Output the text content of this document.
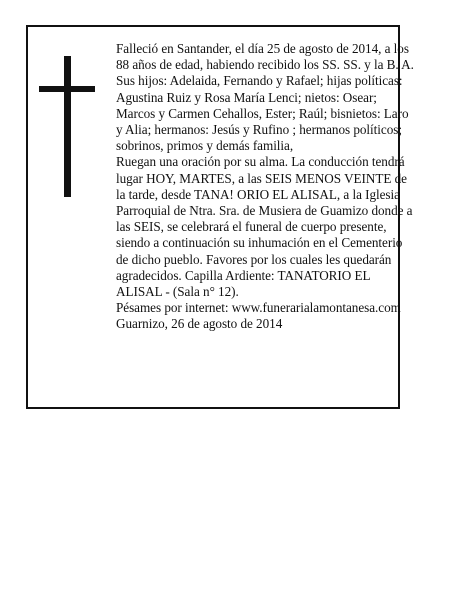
Falleció en Santander, el día 25 de agosto de 2014, a los 88 años de edad, habiendo recibido los SS. SS. y la B. A.

Sus hijos: Adelaida, Fernando y Rafael; hijas políticas: Agustina Ruiz y Rosa María Lenci; nietos: Osear; Marcos y Carmen Cehallos, Ester; Raúl; bisnietos: Laro y Alia; hermanos: Jesús y Rufino ; hermanos políticos; sobrinos, primos y demás familia,

Ruegan una oración por su alma. La conducción tendrá lugar HOY, MARTES, a las SEIS MENOS VEINTE de la tarde, desde TANA! ORIO EL ALISAL, a la Iglesia Parroquial de Ntra. Sra. de Musiera de Guamizo donde a las SEIS, se celebrará el funeral de cuerpo presente, siendo a continuación su inhumación en el Cementerio de dicho pueblo. Favores por los cuales les quedarán agradecidos. Capilla Ardiente: TANATORIO EL ALISAL - (Sala n° 12).

Pésames por internet: www.funerarialamontanesa.com

Guarnizo, 26 de agosto de 2014
